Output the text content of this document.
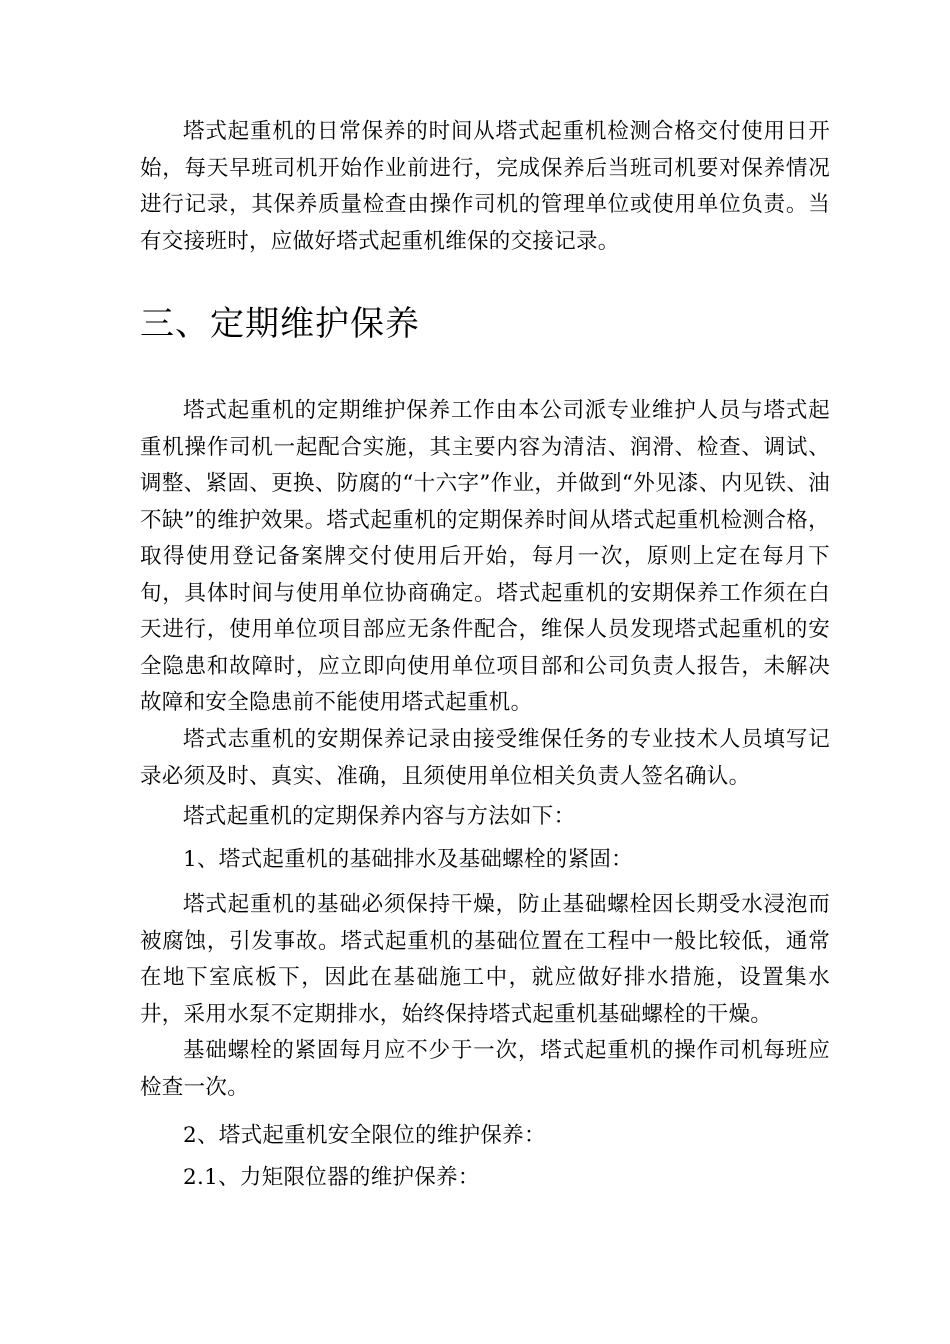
塔式起重机的日常保养的时间从塔式起重机检测合格交付使用日开始，每天早班司机开始作业前进行，完成保养后当班司机要对保养情况进行记录，其保养质量检查由操作司机的管理单位或使用单位负责。当有交接班时，应做好塔式起重机维保的交接记录。

三、定期维护保养

塔式起重机的定期维护保养工作由本公司派专业维护人员与塔式起重机操作司机一起配合实施，其主要内容为清洁、润滑、检查、调试、调整、紧固、更换、防腐的“十六字”作业，并做到“外见漆、内见铁、油不缺”的维护效果。塔式起重机的定期保养时间从塔式起重机检测合格，取得使用登记备案牌交付使用后开始，每月一次，原则上定在每月下旬，具体时间与使用单位协商确定。塔式起重机的安期保养工作须在白天进行，使用单位项目部应无条件配合，维保人员发现塔式起重机的安全隐患和故障时，应立即向使用单位项目部和公司负责人报告，未解决故障和安全隐患前不能使用塔式起重机。

塔式志重机的安期保养记录由接受维保任务的专业技术人员填写记录必须及时、真实、准确，且须使用单位相关负责人签名确认。

塔式起重机的定期保养内容与方法如下：

1、塔式起重机的基础排水及基础螺栓的紧固：

塔式起重机的基础必须保持干燥，防止基础螺栓因长期受水浸泡而被腐蚀，引发事故。塔式起重机的基础位置在工程中一般比较低，通常在地下室底板下，因此在基础施工中，就应做好排水措施，设置集水井，采用水泵不定期排水，始终保持塔式起重机基础螺栓的干燥。

基础螺栓的紧固每月应不少于一次，塔式起重机的操作司机每班应检查一次。

2、塔式起重机安全限位的维护保养：

2.1、力矩限位器的维护保养：
